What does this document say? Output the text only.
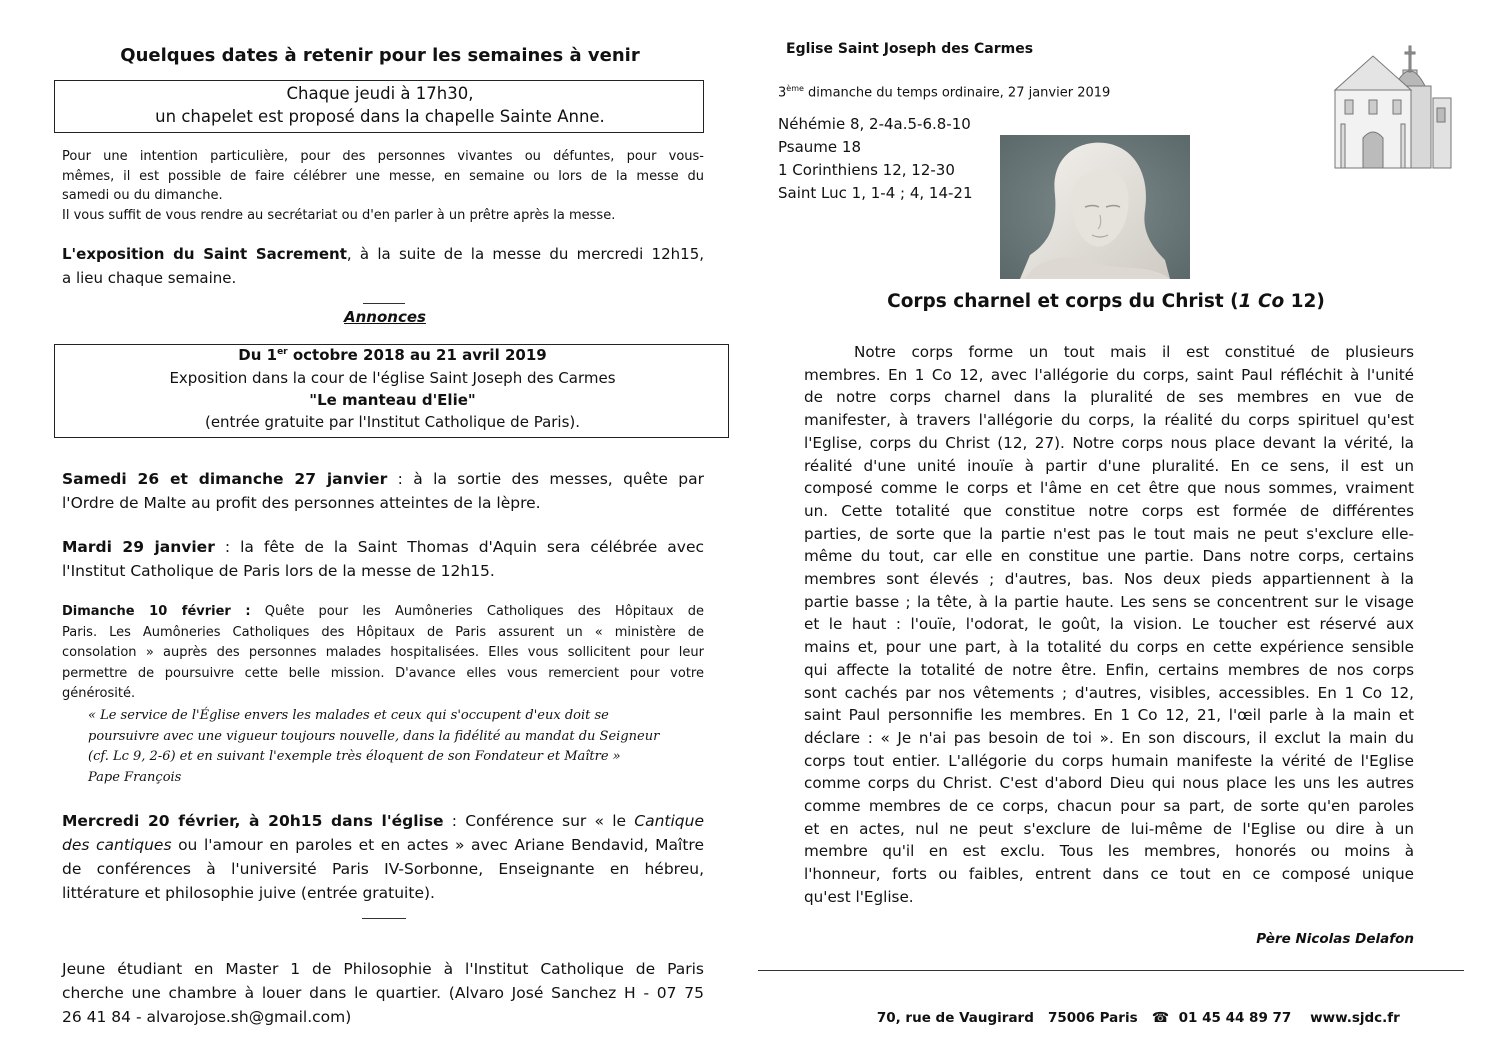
Quelques dates à retenir pour les semaines à venir
Chaque jeudi à 17h30,
un chapelet est proposé dans la chapelle Sainte Anne.
Pour une intention particulière, pour des personnes vivantes ou défuntes, pour vous-
mêmes, il est possible de faire célébrer une messe, en semaine ou lors de la messe du
samedi ou du dimanche.
Il vous suffit de vous rendre au secrétariat ou d'en parler à un prêtre après la messe.
L'exposition du Saint Sacrement, à la suite de la messe du mercredi 12h15,
a lieu chaque semaine.
Annonces
Du 1er octobre 2018 au 21 avril 2019
Exposition dans la cour de l'église Saint Joseph des Carmes
"Le manteau d'Elie"
(entrée gratuite par l'Institut Catholique de Paris).
Samedi 26 et dimanche 27 janvier : à la sortie des messes, quête par
l'Ordre de Malte au profit des personnes atteintes de la lèpre.
Mardi 29 janvier : la fête de la Saint Thomas d'Aquin sera célébrée avec
l'Institut Catholique de Paris lors de la messe de 12h15.
Dimanche 10 février : Quête pour les Aumôneries Catholiques des Hôpitaux de
Paris. Les Aumôneries Catholiques des Hôpitaux de Paris assurent un « ministère de
consolation » auprès des personnes malades hospitalisées. Elles vous sollicitent pour leur
permettre de poursuivre cette belle mission. D'avance elles vous remercient pour votre
générosité.
« Le service de l'Église envers les malades et ceux qui s'occupent d'eux doit se
poursuivre avec une vigueur toujours nouvelle, dans la fidélité au mandat du Seigneur
(cf. Lc 9, 2-6) et en suivant l'exemple très éloquent de son Fondateur et Maître »
Pape François
Mercredi 20 février, à 20h15 dans l'église : Conférence sur « le Cantique
des cantiques ou l'amour en paroles et en actes » avec Ariane Bendavid, Maître
de conférences à l'université Paris IV-Sorbonne, Enseignante en hébreu,
littérature et philosophie juive (entrée gratuite).
Jeune étudiant en Master 1 de Philosophie à l'Institut Catholique de Paris
cherche une chambre à louer dans le quartier. (Alvaro José Sanchez H - 07 75
26 41 84 - alvarojose.sh@gmail.com)
Eglise Saint Joseph des Carmes
3ème dimanche du temps ordinaire, 27 janvier 2019
Néhémie 8, 2-4a.5-6.8-10
Psaume 18
1 Corinthiens 12, 12-30
Saint Luc 1, 1-4 ; 4, 14-21
Corps charnel et corps du Christ (1 Co 12)
Notre corps forme un tout mais il est constitué de plusieurs
membres. En 1 Co 12, avec l'allégorie du corps, saint Paul réfléchit à l'unité
de notre corps charnel dans la pluralité de ses membres en vue de
manifester, à travers l'allégorie du corps, la réalité du corps spirituel qu'est
l'Eglise, corps du Christ (12, 27). Notre corps nous place devant la vérité, la
réalité d'une unité inouïe à partir d'une pluralité. En ce sens, il est un
composé comme le corps et l'âme en cet être que nous sommes, vraiment
un. Cette totalité que constitue notre corps est formée de différentes
parties, de sorte que la partie n'est pas le tout mais ne peut s'exclure elle-
même du tout, car elle en constitue une partie. Dans notre corps, certains
membres sont élevés ; d'autres, bas. Nos deux pieds appartiennent à la
partie basse ; la tête, à la partie haute. Les sens se concentrent sur le visage
et le haut : l'ouïe, l'odorat, le goût, la vision. Le toucher est réservé aux
mains et, pour une part, à la totalité du corps en cette expérience sensible
qui affecte la totalité de notre être. Enfin, certains membres de nos corps
sont cachés par nos vêtements ; d'autres, visibles, accessibles. En 1 Co 12,
saint Paul personnifie les membres. En 1 Co 12, 21, l'œil parle à la main et
déclare : « Je n'ai pas besoin de toi ». En son discours, il exclut la main du
corps tout entier. L'allégorie du corps humain manifeste la vérité de l'Eglise
comme corps du Christ. C'est d'abord Dieu qui nous place les uns les autres
comme membres de ce corps, chacun pour sa part, de sorte qu'en paroles
et en actes, nul ne peut s'exclure de lui-même de l'Eglise ou dire à un
membre qu'il en est exclu. Tous les membres, honorés ou moins à
l'honneur, forts ou faibles, entrent dans ce tout en ce composé unique
qu'est l'Eglise.
Père Nicolas Delafon

70, rue de Vaugirard   75006 Paris ☎ 01 45 44 89 77 www.sjdc.fr
